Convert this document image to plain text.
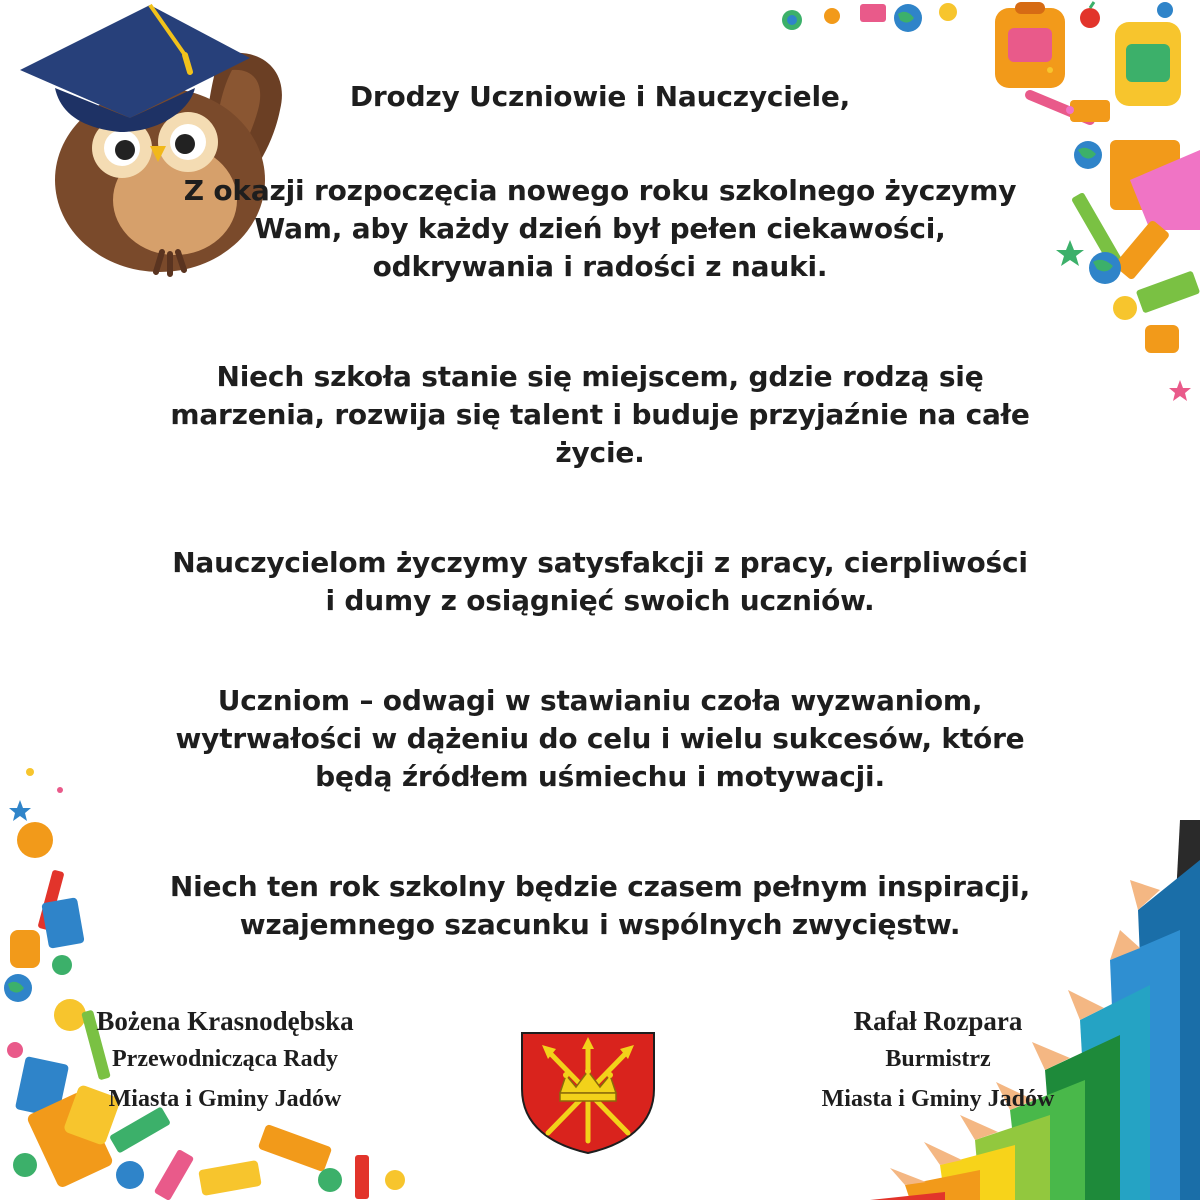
Drodzy Uczniowie i Nauczyciele,

Z okazji rozpoczęcia nowego roku szkolnego życzymy

Wam, aby każdy dzień był pełen ciekawości,

odkrywania i radości z nauki.

Niech szkoła stanie się miejscem, gdzie rodzą się

marzenia, rozwija się talent i buduje przyjaźnie na całe

życie.

Nauczycielom życzymy satysfakcji z pracy, cierpliwości

i dumy z osiągnięć swoich uczniów.

Uczniom – odwagi w stawianiu czoła wyzwaniom,

wytrwałości w dążeniu do celu i wielu sukcesów, które

będą źródłem uśmiechu i motywacji.

Niech ten rok szkolny będzie czasem pełnym inspiracji,

wzajemnego szacunku i wspólnych zwycięstw.

Bożena Krasnodębska
Przewodnicząca Rady
Miasta i Gminy Jadów
Rafał Rozpara
Burmistrz
Miasta i Gminy Jadów
